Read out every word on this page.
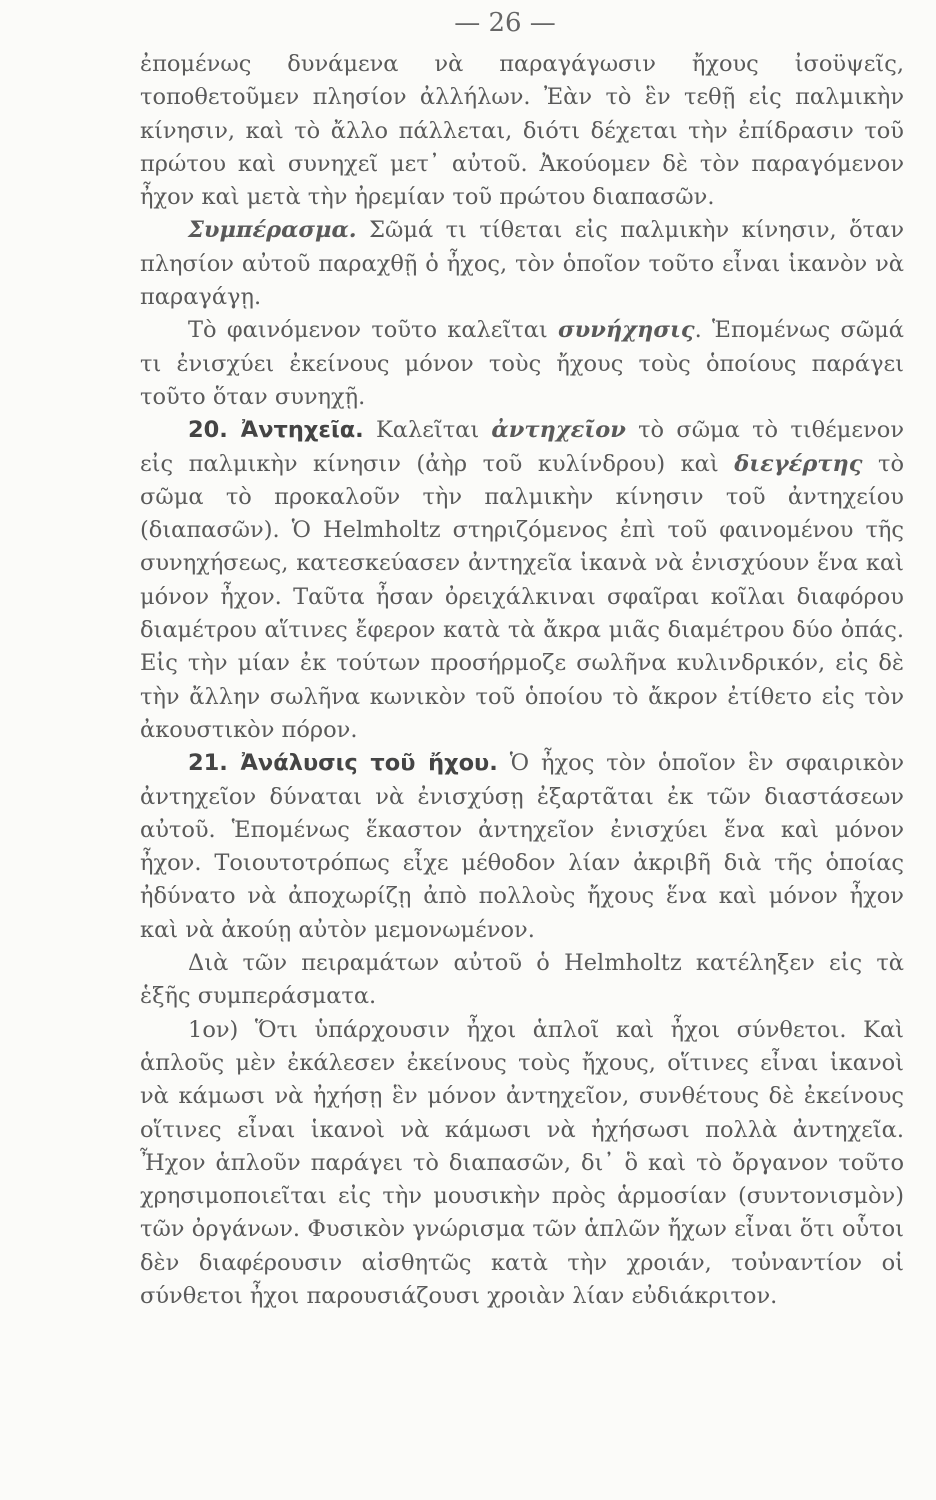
— 26 —

ἐπομένως δυνάμενα νὰ παραγάγωσιν ἤχους ἰσοϋψεῖς, τοποθετοῦμεν πλησίον ἀλλήλων. Ἐὰν τὸ ἓν τεθῇ εἰς παλμικὴν κίνησιν, καὶ τὸ ἄλλο πάλλεται, διότι δέχεται τὴν ἐπίδρασιν τοῦ πρώτου καὶ συνηχεῖ μετ᾽ αὐτοῦ. Ἀκούομεν δὲ τὸν παραγόμενον ἦχον καὶ μετὰ τὴν ἠρεμίαν τοῦ πρώτου διαπασῶν.

Συμπέρασμα. Σῶμά τι τίθεται εἰς παλμικὴν κίνησιν, ὅταν πλησίον αὐτοῦ παραχθῇ ὁ ἦχος, τὸν ὁποῖον τοῦτο εἶναι ἱκανὸν νὰ παραγάγῃ.

Τὸ φαινόμενον τοῦτο καλεῖται συνήχησις. Ἑπομένως σῶμά τι ἐνισχύει ἐκείνους μόνον τοὺς ἤχους τοὺς ὁποίους παράγει τοῦτο ὅταν συνηχῇ.

20. Ἀντηχεῖα. Καλεῖται ἀντηχεῖον τὸ σῶμα τὸ τιθέμενον εἰς παλμικὴν κίνησιν (ἀὴρ τοῦ κυλίνδρου) καὶ διεγέρτης τὸ σῶμα τὸ προκαλοῦν τὴν παλμικὴν κίνησιν τοῦ ἀντηχείου (διαπασῶν). Ὁ Helmholtz στηριζόμενος ἐπὶ τοῦ φαινομένου τῆς συνηχήσεως, κατεσκεύασεν ἀντηχεῖα ἱκανὰ νὰ ἐνισχύουν ἕνα καὶ μόνον ἦχον. Ταῦτα ἦσαν ὀρειχάλκιναι σφαῖραι κοῖλαι διαφόρου διαμέτρου αἵτινες ἔφερον κατὰ τὰ ἄκρα μιᾶς διαμέτρου δύο ὀπάς. Εἰς τὴν μίαν ἐκ τούτων προσήρμοζε σωλῆνα κυλινδρικόν, εἰς δὲ τὴν ἄλλην σωλῆνα κωνικὸν τοῦ ὁποίου τὸ ἄκρον ἐτίθετο εἰς τὸν ἀκουστικὸν πόρον.

21. Ἀνάλυσις τοῦ ἤχου. Ὁ ἦχος τὸν ὁποῖον ἓν σφαιρικὸν ἀντηχεῖον δύναται νὰ ἐνισχύσῃ ἐξαρτᾶται ἐκ τῶν διαστάσεων αὐτοῦ. Ἑπομένως ἕκαστον ἀντηχεῖον ἐνισχύει ἕνα καὶ μόνον ἦχον. Τοιουτοτρόπως εἶχε μέθοδον λίαν ἀκριβῆ διὰ τῆς ὁποίας ἠδύνατο νὰ ἀποχωρίζῃ ἀπὸ πολλοὺς ἤχους ἕνα καὶ μόνον ἦχον καὶ νὰ ἀκούῃ αὐτὸν μεμονωμένον.

Διὰ τῶν πειραμάτων αὐτοῦ ὁ Helmholtz κατέληξεν εἰς τὰ ἑξῆς συμπεράσματα.

1ον) Ὅτι ὑπάρχουσιν ἦχοι ἁπλοῖ καὶ ἦχοι σύνθετοι. Καὶ ἁπλοῦς μὲν ἐκάλεσεν ἐκείνους τοὺς ἤχους, οἵτινες εἶναι ἱκανοὶ νὰ κάμωσι νὰ ἠχήσῃ ἓν μόνον ἀντηχεῖον, συνθέτους δὲ ἐκείνους οἵτινες εἶναι ἱκανοὶ νὰ κάμωσι νὰ ἠχήσωσι πολλὰ ἀντηχεῖα. Ἦχον ἁπλοῦν παράγει τὸ διαπασῶν, δι᾽ ὃ καὶ τὸ ὄργανον τοῦτο χρησιμοποιεῖται εἰς τὴν μουσικὴν πρὸς ἁρμοσίαν (συντονισμὸν) τῶν ὀργάνων. Φυσικὸν γνώρισμα τῶν ἁπλῶν ἤχων εἶναι ὅτι οὗτοι δὲν διαφέρουσιν αἰσθητῶς κατὰ τὴν χροιάν, τοὐναντίον οἱ σύνθετοι ἦχοι παρουσιάζουσι χροιὰν λίαν εὐδιάκριτον.
